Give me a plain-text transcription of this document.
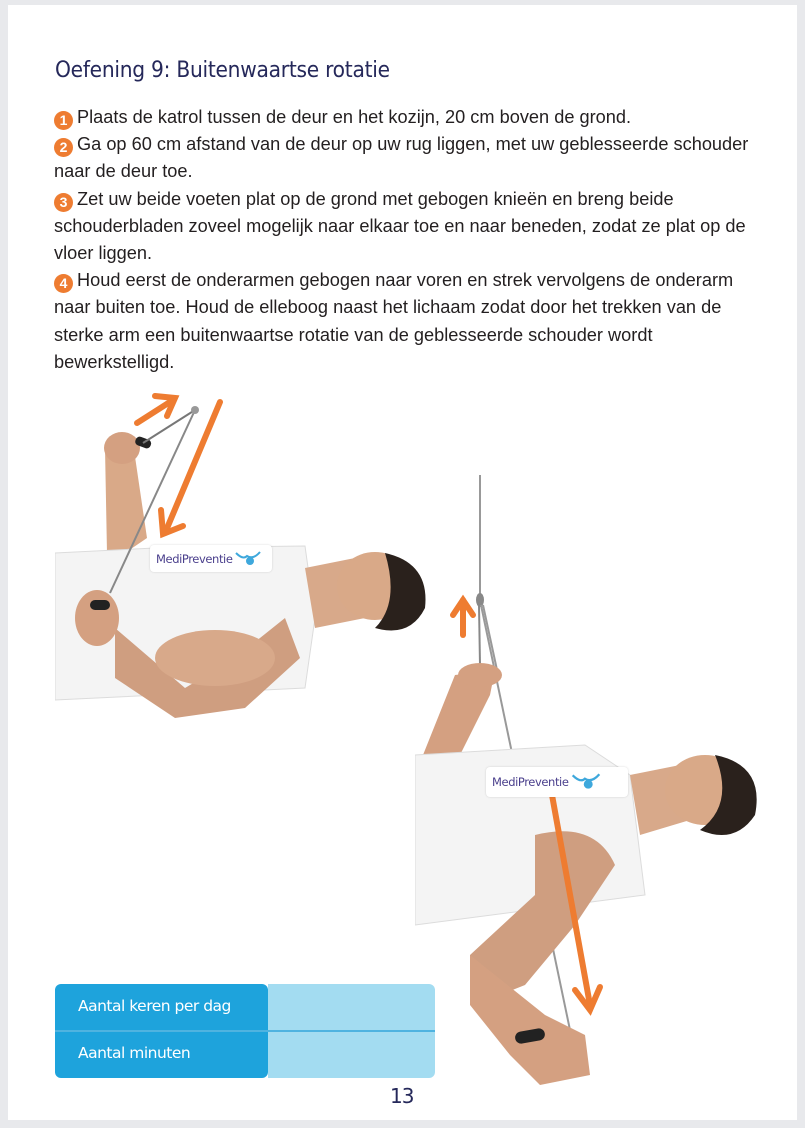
Oefening 9: Buitenwaartse rotatie
1 Plaats de katrol tussen de deur en het kozijn, 20 cm boven de grond.
2 Ga op 60 cm afstand van de deur op uw rug liggen, met uw geblesseerde schouder naar de deur toe.
3 Zet uw beide voeten plat op de grond met gebogen knieën en breng beide schouderbladen zoveel mogelijk naar elkaar toe en naar beneden, zodat ze plat op de vloer liggen.
4 Houd eerst de onderarmen gebogen naar voren en strek vervolgens de onderarm naar buiten toe. Houd de elleboog naast het lichaam zodat door het trekken van de sterke arm een buitenwaartse rotatie van de geblesseerde schouder wordt bewerkstelligd.
MediPreventie
MediPreventie
Aantal keren per dag
Aantal minuten
13
